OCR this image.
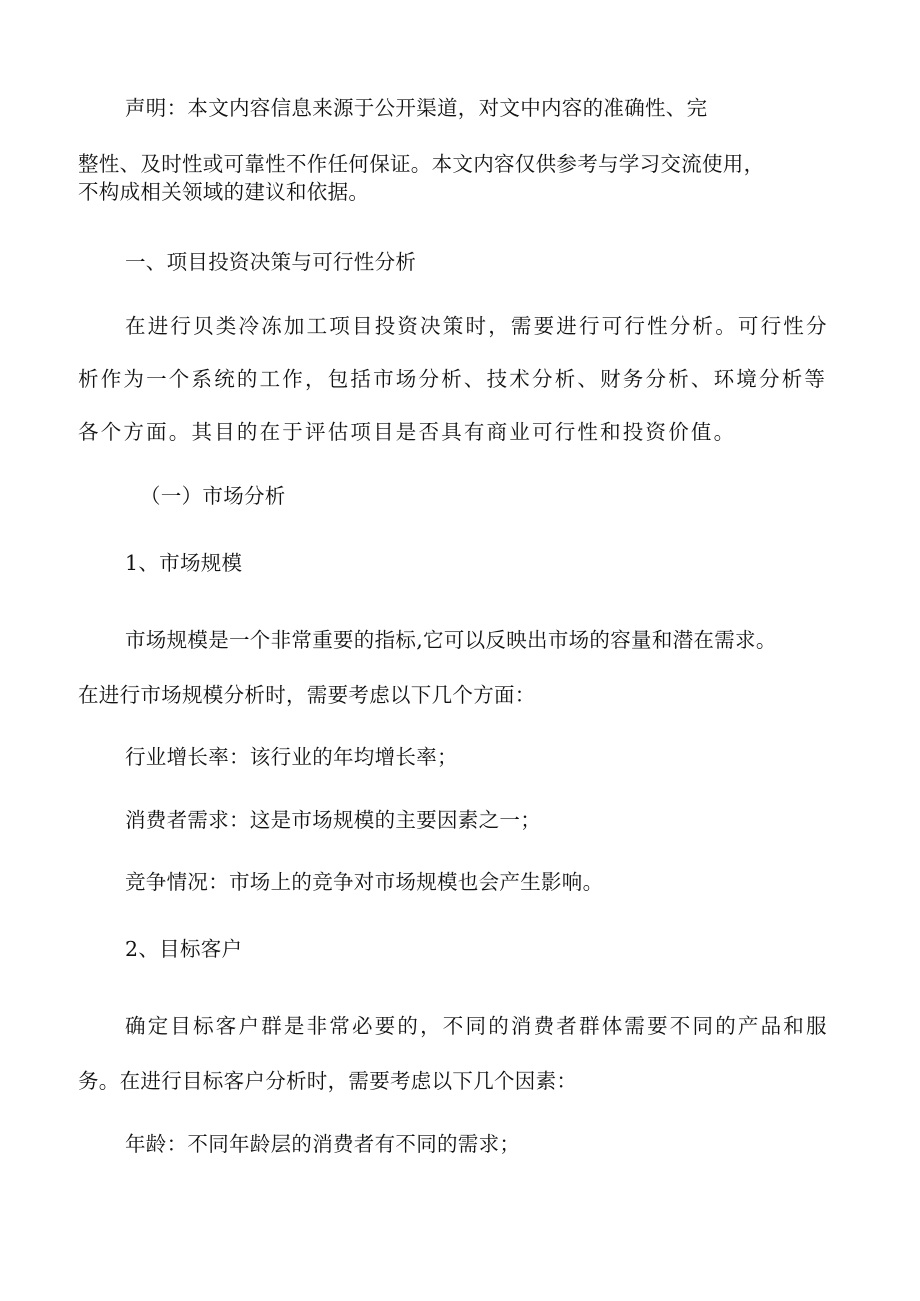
声明：本文内容信息来源于公开渠道，对文中内容的准确性、完
整性、及时性或可靠性不作任何保证。本文内容仅供参考与学习交流使用，
不构成相关领域的建议和依据。
一、项目投资决策与可行性分析
在进行贝类冷冻加工项目投资决策时，需要进行可行性分析。可行性分
析作为一个系统的工作，包括市场分析、技术分析、财务分析、环境分析等
各个方面。其目的在于评估项目是否具有商业可行性和投资价值。
（一）市场分析
1、市场规模
市场规模是一个非常重要的指标,它可以反映出市场的容量和潜在需求。
在进行市场规模分析时，需要考虑以下几个方面：
行业增长率：该行业的年均增长率；
消费者需求：这是市场规模的主要因素之一；
竞争情况：市场上的竞争对市场规模也会产生影响。
2、目标客户
确定目标客户群是非常必要的，不同的消费者群体需要不同的产品和服
务。在进行目标客户分析时，需要考虑以下几个因素：
年龄：不同年龄层的消费者有不同的需求；
